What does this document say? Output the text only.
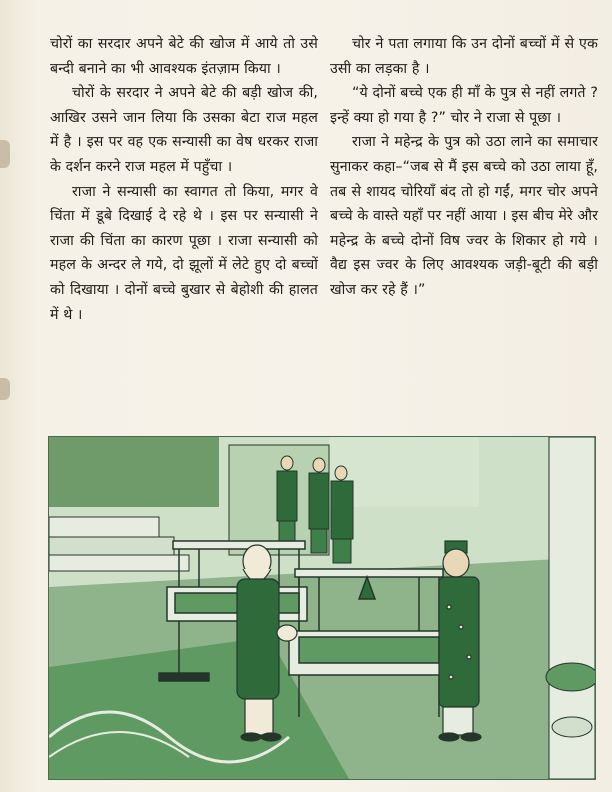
चोरों का सरदार अपने बेटे की खोज में आये तो उसे बन्दी बनाने का भी आवश्यक इंतज़ाम किया ।

चोरों के सरदार ने अपने बेटे की बड़ी खोज की, आखिर उसने जान लिया कि उसका बेटा राज महल में है । इस पर वह एक सन्यासी का वेष धरकर राजा के दर्शन करने राज महल में पहुँचा ।

राजा ने सन्यासी का स्वागत तो किया, मगर वे चिंता में डूबे दिखाई दे रहे थे । इस पर सन्यासी ने राजा की चिंता का कारण पूछा । राजा सन्यासी को महल के अन्दर ले गये, दो झूलों में लेटे हुए दो बच्चों को दिखाया । दोनों बच्चे बुखार से बेहोशी की हालत में थे ।

चोर ने पता लगाया कि उन दोनों बच्चों में से एक उसी का लड़का है ।

“ये दोनों बच्चे एक ही माँ के पुत्र से नहीं लगते ? इन्हें क्या हो गया है ?” चोर ने राजा से पूछा ।

राजा ने महेन्द्र के पुत्र को उठा लाने का समाचार सुनाकर कहा–“जब से मैं इस बच्चे को उठा लाया हूँ, तब से शायद चोरियाँ बंद तो हो गईं, मगर चोर अपने बच्चे के वास्ते यहाँ पर नहीं आया । इस बीच मेरे और महेन्द्र के बच्चे दोनों विष ज्वर के शिकार हो गये । वैद्य इस ज्वर के लिए आवश्यक जड़ी-बूटी की बड़ी खोज कर रहे हैं ।”
